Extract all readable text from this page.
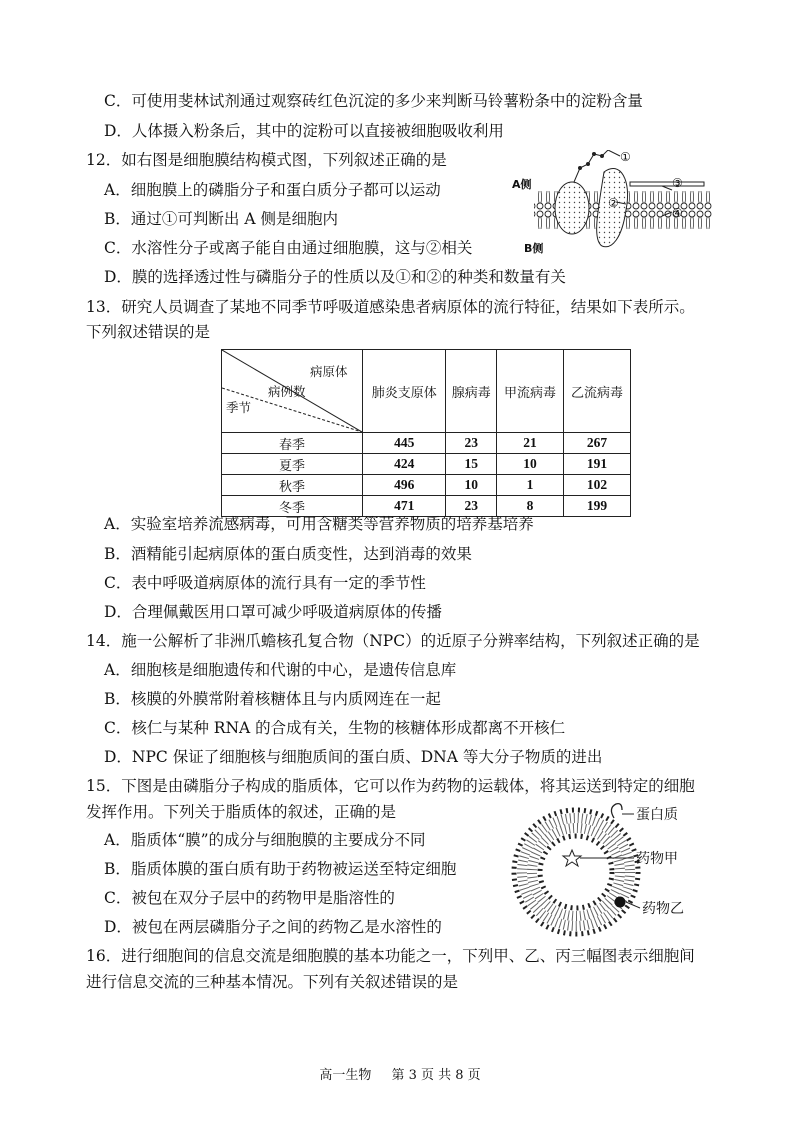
C．可使用斐林试剂通过观察砖红色沉淀的多少来判断马铃薯粉条中的淀粉含量
D．人体摄入粉条后，其中的淀粉可以直接被细胞吸收利用
12．如右图是细胞膜结构模式图，下列叙述正确的是
A．细胞膜上的磷脂分子和蛋白质分子都可以运动
B．通过①可判断出 A 侧是细胞内
C．水溶性分子或离子能自由通过细胞膜，这与②相关
D．膜的选择透过性与磷脂分子的性质以及①和②的种类和数量有关
A侧
B侧
①
②
③
④
13．研究人员调查了某地不同季节呼吸道感染患者病原体的流行特征，结果如下表所示。
下列叙述错误的是
病原体
病例数
季节	肺炎支原体	腺病毒	甲流病毒	乙流病毒
春季	445	23	21	267
夏季	424	15	10	191
秋季	496	10	1	102
冬季	471	23	8	199
A．实验室培养流感病毒，可用含糖类等营养物质的培养基培养
B．酒精能引起病原体的蛋白质变性，达到消毒的效果
C．表中呼吸道病原体的流行具有一定的季节性
D．合理佩戴医用口罩可减少呼吸道病原体的传播
14．施一公解析了非洲爪蟾核孔复合物（NPC）的近原子分辨率结构，下列叙述正确的是
A．细胞核是细胞遗传和代谢的中心，是遗传信息库
B．核膜的外膜常附着核糖体且与内质网连在一起
C．核仁与某种 RNA 的合成有关，生物的核糖体形成都离不开核仁
D．NPC 保证了细胞核与细胞质间的蛋白质、DNA 等大分子物质的进出
15．下图是由磷脂分子构成的脂质体，它可以作为药物的运载体，将其运送到特定的细胞
发挥作用。下列关于脂质体的叙述，正确的是
A．脂质体“膜”的成分与细胞膜的主要成分不同
B．脂质体膜的蛋白质有助于药物被运送至特定细胞
C．被包在双分子层中的药物甲是脂溶性的
D．被包在两层磷脂分子之间的药物乙是水溶性的
蛋白质
药物甲
药物乙
16．进行细胞间的信息交流是细胞膜的基本功能之一，下列甲、乙、丙三幅图表示细胞间
进行信息交流的三种基本情况。下列有关叙述错误的是
高一生物 第 3 页 共 8 页
